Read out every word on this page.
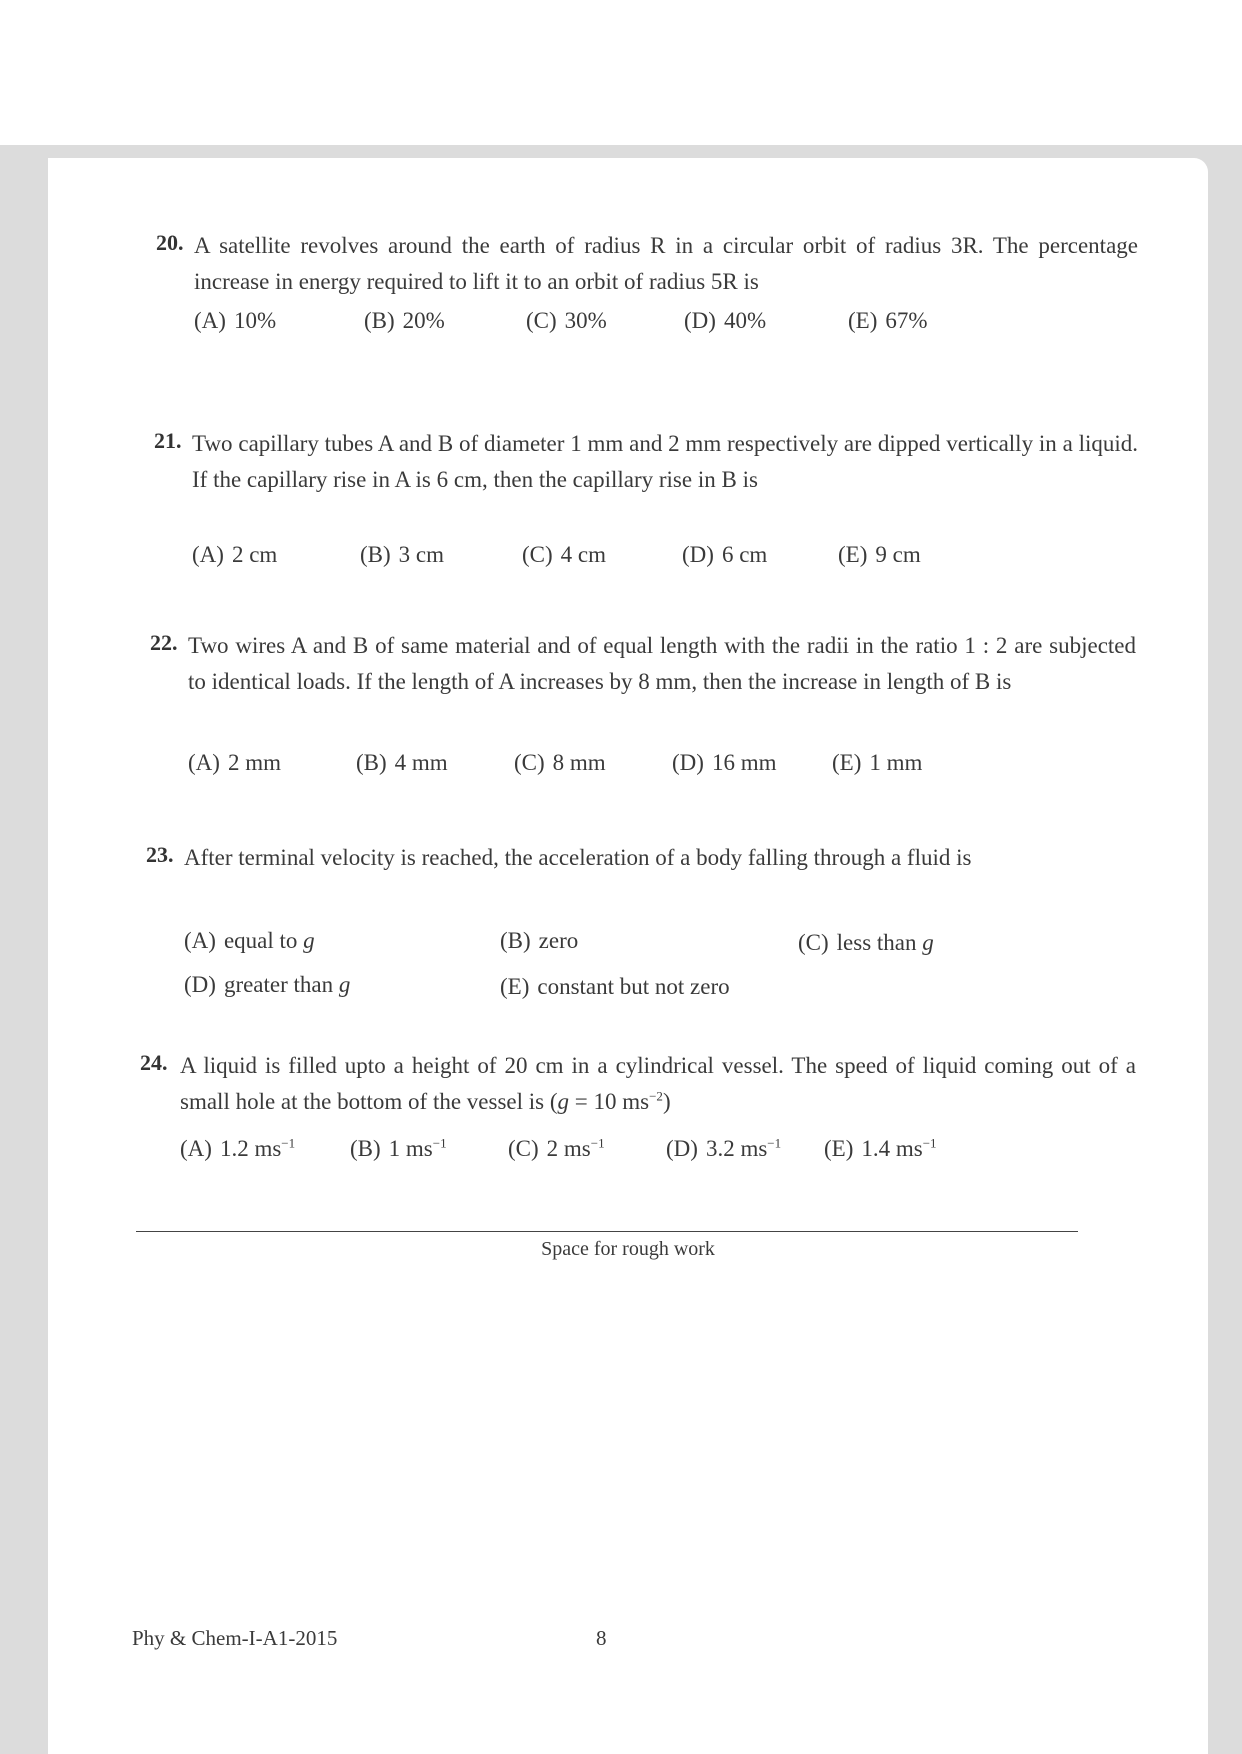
20. A satellite revolves around the earth of radius R in a circular orbit of radius 3R. The percentage increase in energy required to lift it to an orbit of radius 5R is
(A) 10%	(B) 20%	(C) 30%	(D) 40%	(E) 67%
21. Two capillary tubes A and B of diameter 1 mm and 2 mm respectively are dipped vertically in a liquid. If the capillary rise in A is 6 cm, then the capillary rise in B is
(A) 2 cm	(B) 3 cm	(C) 4 cm	(D) 6 cm	(E) 9 cm
22. Two wires A and B of same material and of equal length with the radii in the ratio 1 : 2 are subjected to identical loads. If the length of A increases by 8 mm, then the increase in length of B is
(A) 2 mm	(B) 4 mm	(C) 8 mm	(D) 16 mm (E) 1 mm
23. After terminal velocity is reached, the acceleration of a body falling through a fluid is
(A) equal to g	(B) zero	(C) less than g
(D) greater than g	(E) constant but not zero
24. A liquid is filled upto a height of 20 cm in a cylindrical vessel. The speed of liquid coming out of a small hole at the bottom of the vessel is (g = 10 $ms^{-2}$)
(A) 1.2 $ms^{-1}$ (B) 1 $ms^{-1}$	(C) 2 $ms^{-1}$	(D) 3.2 $ms^{-1}$ (E) 1.4 $ms^{-1}$
Space for rough work
Phy & Chem-I-A1-2015	8
